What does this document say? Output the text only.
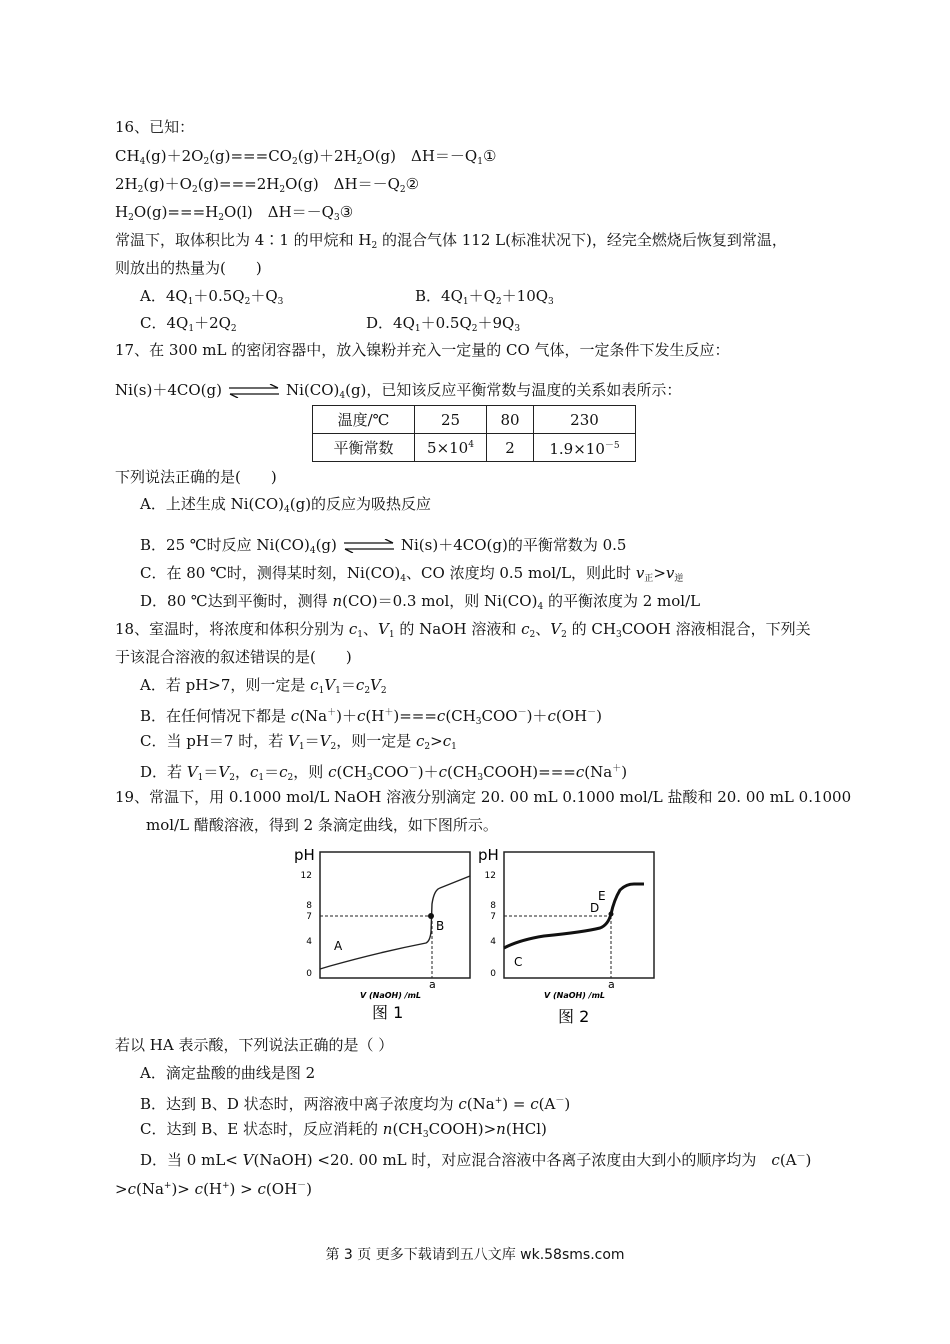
16、已知：
$CH_4(g)+2O_2(g)===CO_2(g)+2H_2O(g)$　$\Delta H=-Q_1①$
$2H_2(g)+O_2(g)===2H_2O(g)$　$\Delta H=-Q_2②$
$H_2O(g)===H_2O(l)$　$\Delta H=-Q_3③$
常温下，取体积比为 4∶1 的甲烷和 $H_2$ 的混合气体 112 L(标准状况下)，经完全燃烧后恢复到常温，
则放出的热量为(　　)
A．$4Q_1+0.5Q_2+Q_3$	B．$4Q_1+Q_2+10Q_3$
C．$4Q_1+2Q_2$	D．$4Q_1+0.5Q_2+9Q_3$
17、在 300 mL 的密闭容器中，放入镍粉并充入一定量的 CO 气体，一定条件下发生反应：
Ni(s)＋4CO(g) ⇌ $Ni(CO)_4(g)$，已知该反应平衡常数与温度的关系如表所示：
温度/℃	25	80	230
平衡常数	$5\times 10^4$	2	$1.9\times 10^{-5}$
下列说法正确的是(　　)
A．上述生成 $Ni(CO)_4(g)$的反应为吸热反应
B．25 ℃时反应 $Ni(CO)_4(g)$ ⇌ Ni(s)＋4CO(g)的平衡常数为 0.5
C．在 80 ℃时，测得某时刻，$Ni(CO)_4$、CO 浓度均 0.5 mol/L，则此时 $v_正>v_逆$
D．80 ℃达到平衡时，测得 n(CO)＝0.3 mol，则 $Ni(CO)_4$ 的平衡浓度为 2 mol/L
18、室温时，将浓度和体积分别为 $c_1$、$V_1$ 的 NaOH 溶液和 $c_2$、$V_2$ 的 $CH_3COOH$ 溶液相混合，下列关
于该混合溶液的叙述错误的是(　　)
A．若 pH>7，则一定是 $c_1V_1=c_2V_2$
B．在任何情况下都是 $c(Na^+)+c(H^+)===c(CH_3COO^-)+c(OH^-)$
C．当 pH＝7 时，若 $V_1=V_2$，则一定是 $c_2>c_1$
D．若 $V_1=V_2$，$c_1=c_2$，则 $c(CH_3COO^-)+c(CH_3COOH)===c(Na^+)$
19、常温下，用 0.1000 mol/L NaOH 溶液分别滴定 20. 00 mL 0.1000 mol/L 盐酸和 20. 00 mL 0.1000
mol/L 醋酸溶液，得到 2 条滴定曲线，如下图所示。
pH
12
8
7
4
0
A
B
a
V (NaOH) /mL
图 1
pH
12
8
7
4
0
C
D
E
a
V (NaOH) /mL
图 2
若以 HA 表示酸，下列说法正确的是（ ）
A．滴定盐酸的曲线是图 2
B．达到 B、D 状态时，两溶液中离子浓度均为 c(Na+) = c(A－)
C．达到 B、E 状态时，反应消耗的 $n(CH_3COOH)>n(HCl)$
D．当 0 mL< V(NaOH) <20. 00 mL 时，对应混合溶液中各离子浓度由大到小的顺序均为　c(A－)
>c(Na+)> c(H+) > c(OH－)
第 3 页 更多下载请到五八文库 wk.58sms.com
